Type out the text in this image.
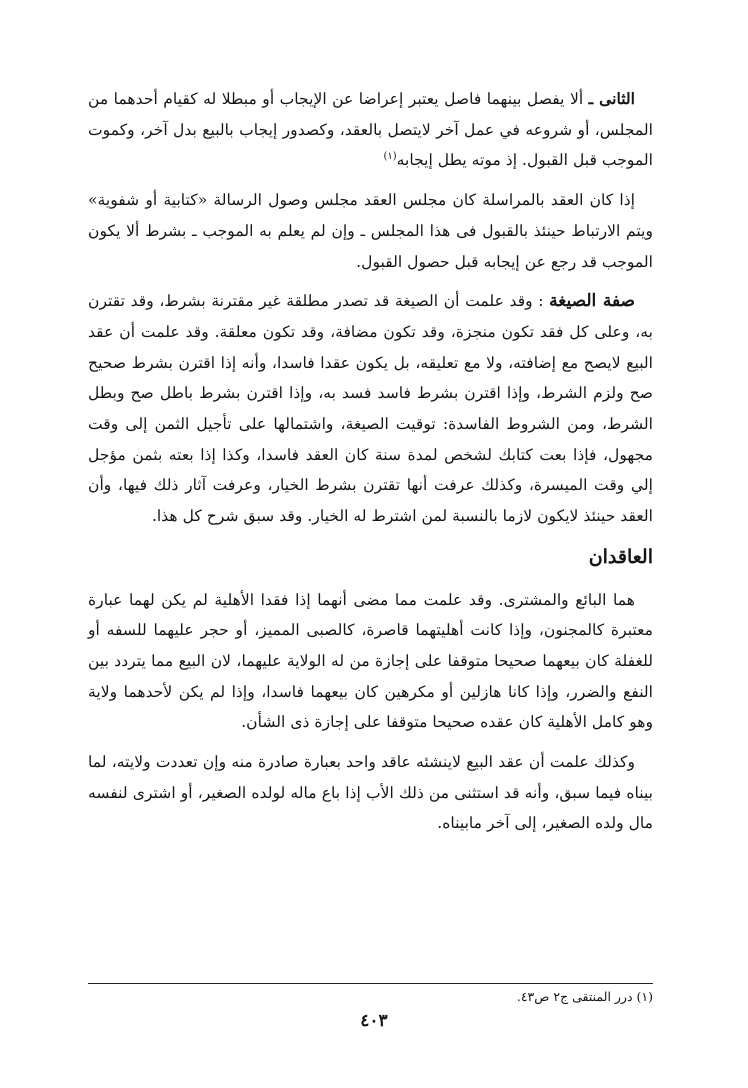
الثانى ـ ألا يفصل بينهما فاصل يعتبر إعراضا عن الإيجاب أو مبطلا له كقيام أحدهما من المجلس، أو شروعه في عمل آخر لايتصل بالعقد، وكصدور إيجاب بالبيع بدل آخر، وكموت الموجب قبل القبول. إذ موته يطل إيجابه$^{(١)}$

إذا كان العقد بالمراسلة كان مجلس العقد مجلس وصول الرسالة «كتابية أو شفوية» ويتم الارتباط حينئذ بالقبول فى هذا المجلس ـ وإن لم يعلم به الموجب ـ بشرط ألا يكون الموجب قد رجع عن إيجابه قبل حصول القبول.

صفة الصيغة : وقد علمت أن الصيغة قد تصدر مطلقة غير مقترنة بشرط، وقد تقترن به، وعلى كل فقد تكون منجزة، وقد تكون مضافة، وقد تكون معلقة. وقد علمت أن عقد البيع لايصح مع إضافته، ولا مع تعليقه، بل يكون عقدا فاسدا، وأنه إذا اقترن بشرط صحيح صح ولزم الشرط، وإذا اقترن بشرط فاسد فسد به، وإذا اقترن بشرط باطل صح وبطل الشرط، ومن الشروط الفاسدة: توقيت الصيغة، واشتمالها على تأجيل الثمن إلى وقت مجهول، فإذا بعت كتابك لشخص لمدة سنة كان العقد فاسدا، وكذا إذا بعته بثمن مؤجل إلي وقت الميسرة، وكذلك عرفت أنها تقترن بشرط الخيار، وعرفت آثار ذلك فيها، وأن العقد حينئذ لايكون لازما بالنسبة لمن اشترط له الخيار. وقد سبق شرح كل هذا.

العاقدان

هما البائع والمشترى. وقد علمت مما مضى أنهما إذا فقدا الأهلية لم يكن لهما عبارة معتبرة كالمجنون، وإذا كانت أهليتهما قاصرة، كالصبى المميز، أو حجر عليهما للسفه أو للغفلة كان بيعهما صحيحا متوقفا على إجازة من له الولاية عليهما، لان البيع مما يتردد بين النفع والضرر، وإذا كانا هازلين أو مكرهين كان بيعهما فاسدا، وإذا لم يكن لأحدهما ولاية وهو كامل الأهلية كان عقده صحيحا متوقفا على إجازة ذى الشأن.

وكذلك علمت أن عقد البيع لاينشئه عاقد واحد بعبارة صادرة منه وإن تعددت ولايته، لما بيناه فيما سبق، وأنه قد استثنى من ذلك الأب إذا باع ماله لولده الصغير، أو اشترى لنفسه مال ولده الصغير، إلى آخر مابيناه.

(١) درر المنتقى ج٢ ص٤٣.
٤٠٣
